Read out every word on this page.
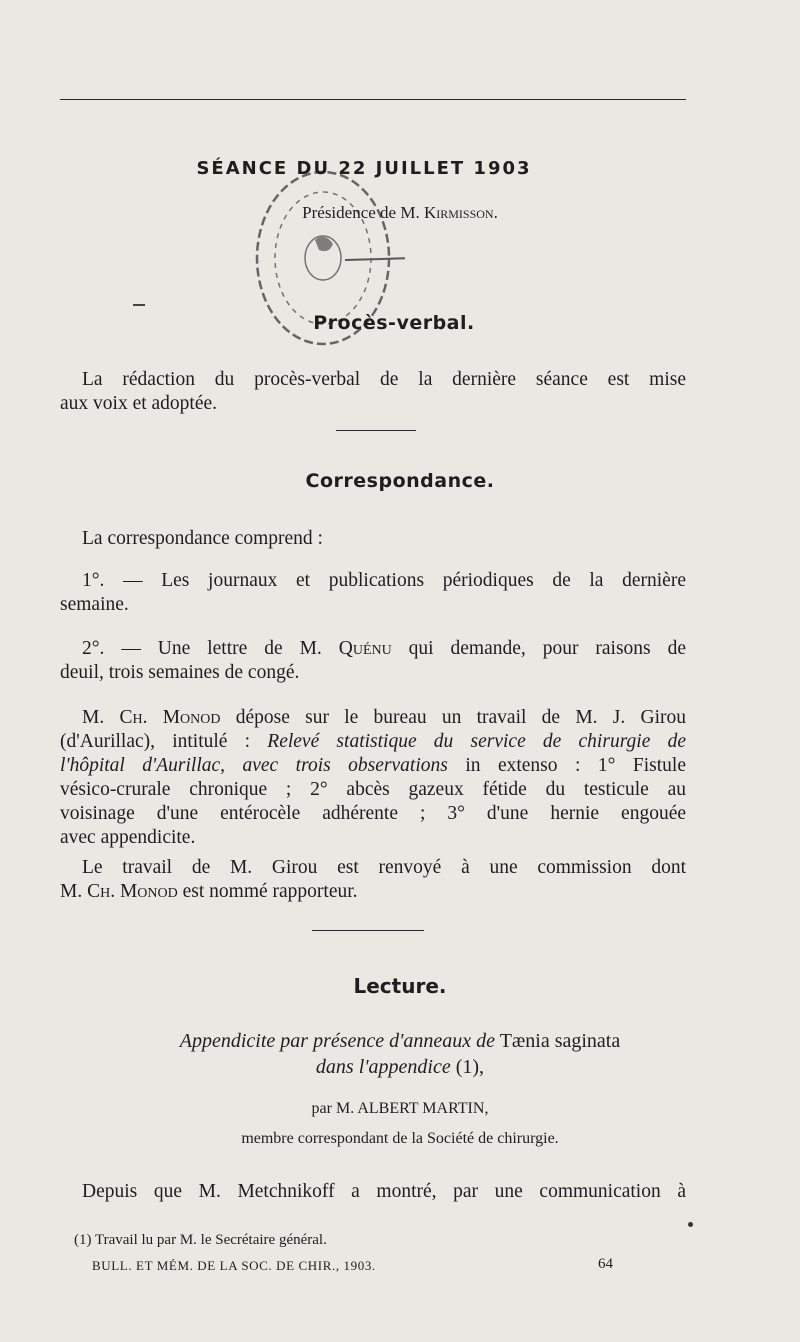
SÉANCE DU 22 JUILLET 1903
Présidence de M. Kirmisson.
Procès-verbal.
La rédaction du procès-verbal de la dernière séance est mise
aux voix et adoptée.
Correspondance.
La correspondance comprend :
1°. — Les journaux et publications périodiques de la dernière
semaine.
2°. — Une lettre de M. Quénu qui demande, pour raisons de
deuil, trois semaines de congé.
M. Ch. Monod dépose sur le bureau un travail de M. J. Girou
(d'Aurillac), intitulé : Relevé statistique du service de chirurgie de
l'hôpital d'Aurillac, avec trois observations in extenso : 1° Fistule
vésico-crurale chronique ; 2° abcès gazeux fétide du testicule au
voisinage d'une entérocèle adhérente ; 3° d'une hernie engouée
avec appendicite.
Le travail de M. Girou est renvoyé à une commission dont
M. Ch. Monod est nommé rapporteur.
Lecture.
Appendicite par présence d'anneaux de Tænia saginata
dans l'appendice (1),
par M. ALBERT MARTIN,
membre correspondant de la Société de chirurgie.
Depuis que M. Metchnikoff a montré, par une communication à
(1) Travail lu par M. le Secrétaire général.
BULL. ET MÉM. DE LA SOC. DE CHIR., 1903.	64
